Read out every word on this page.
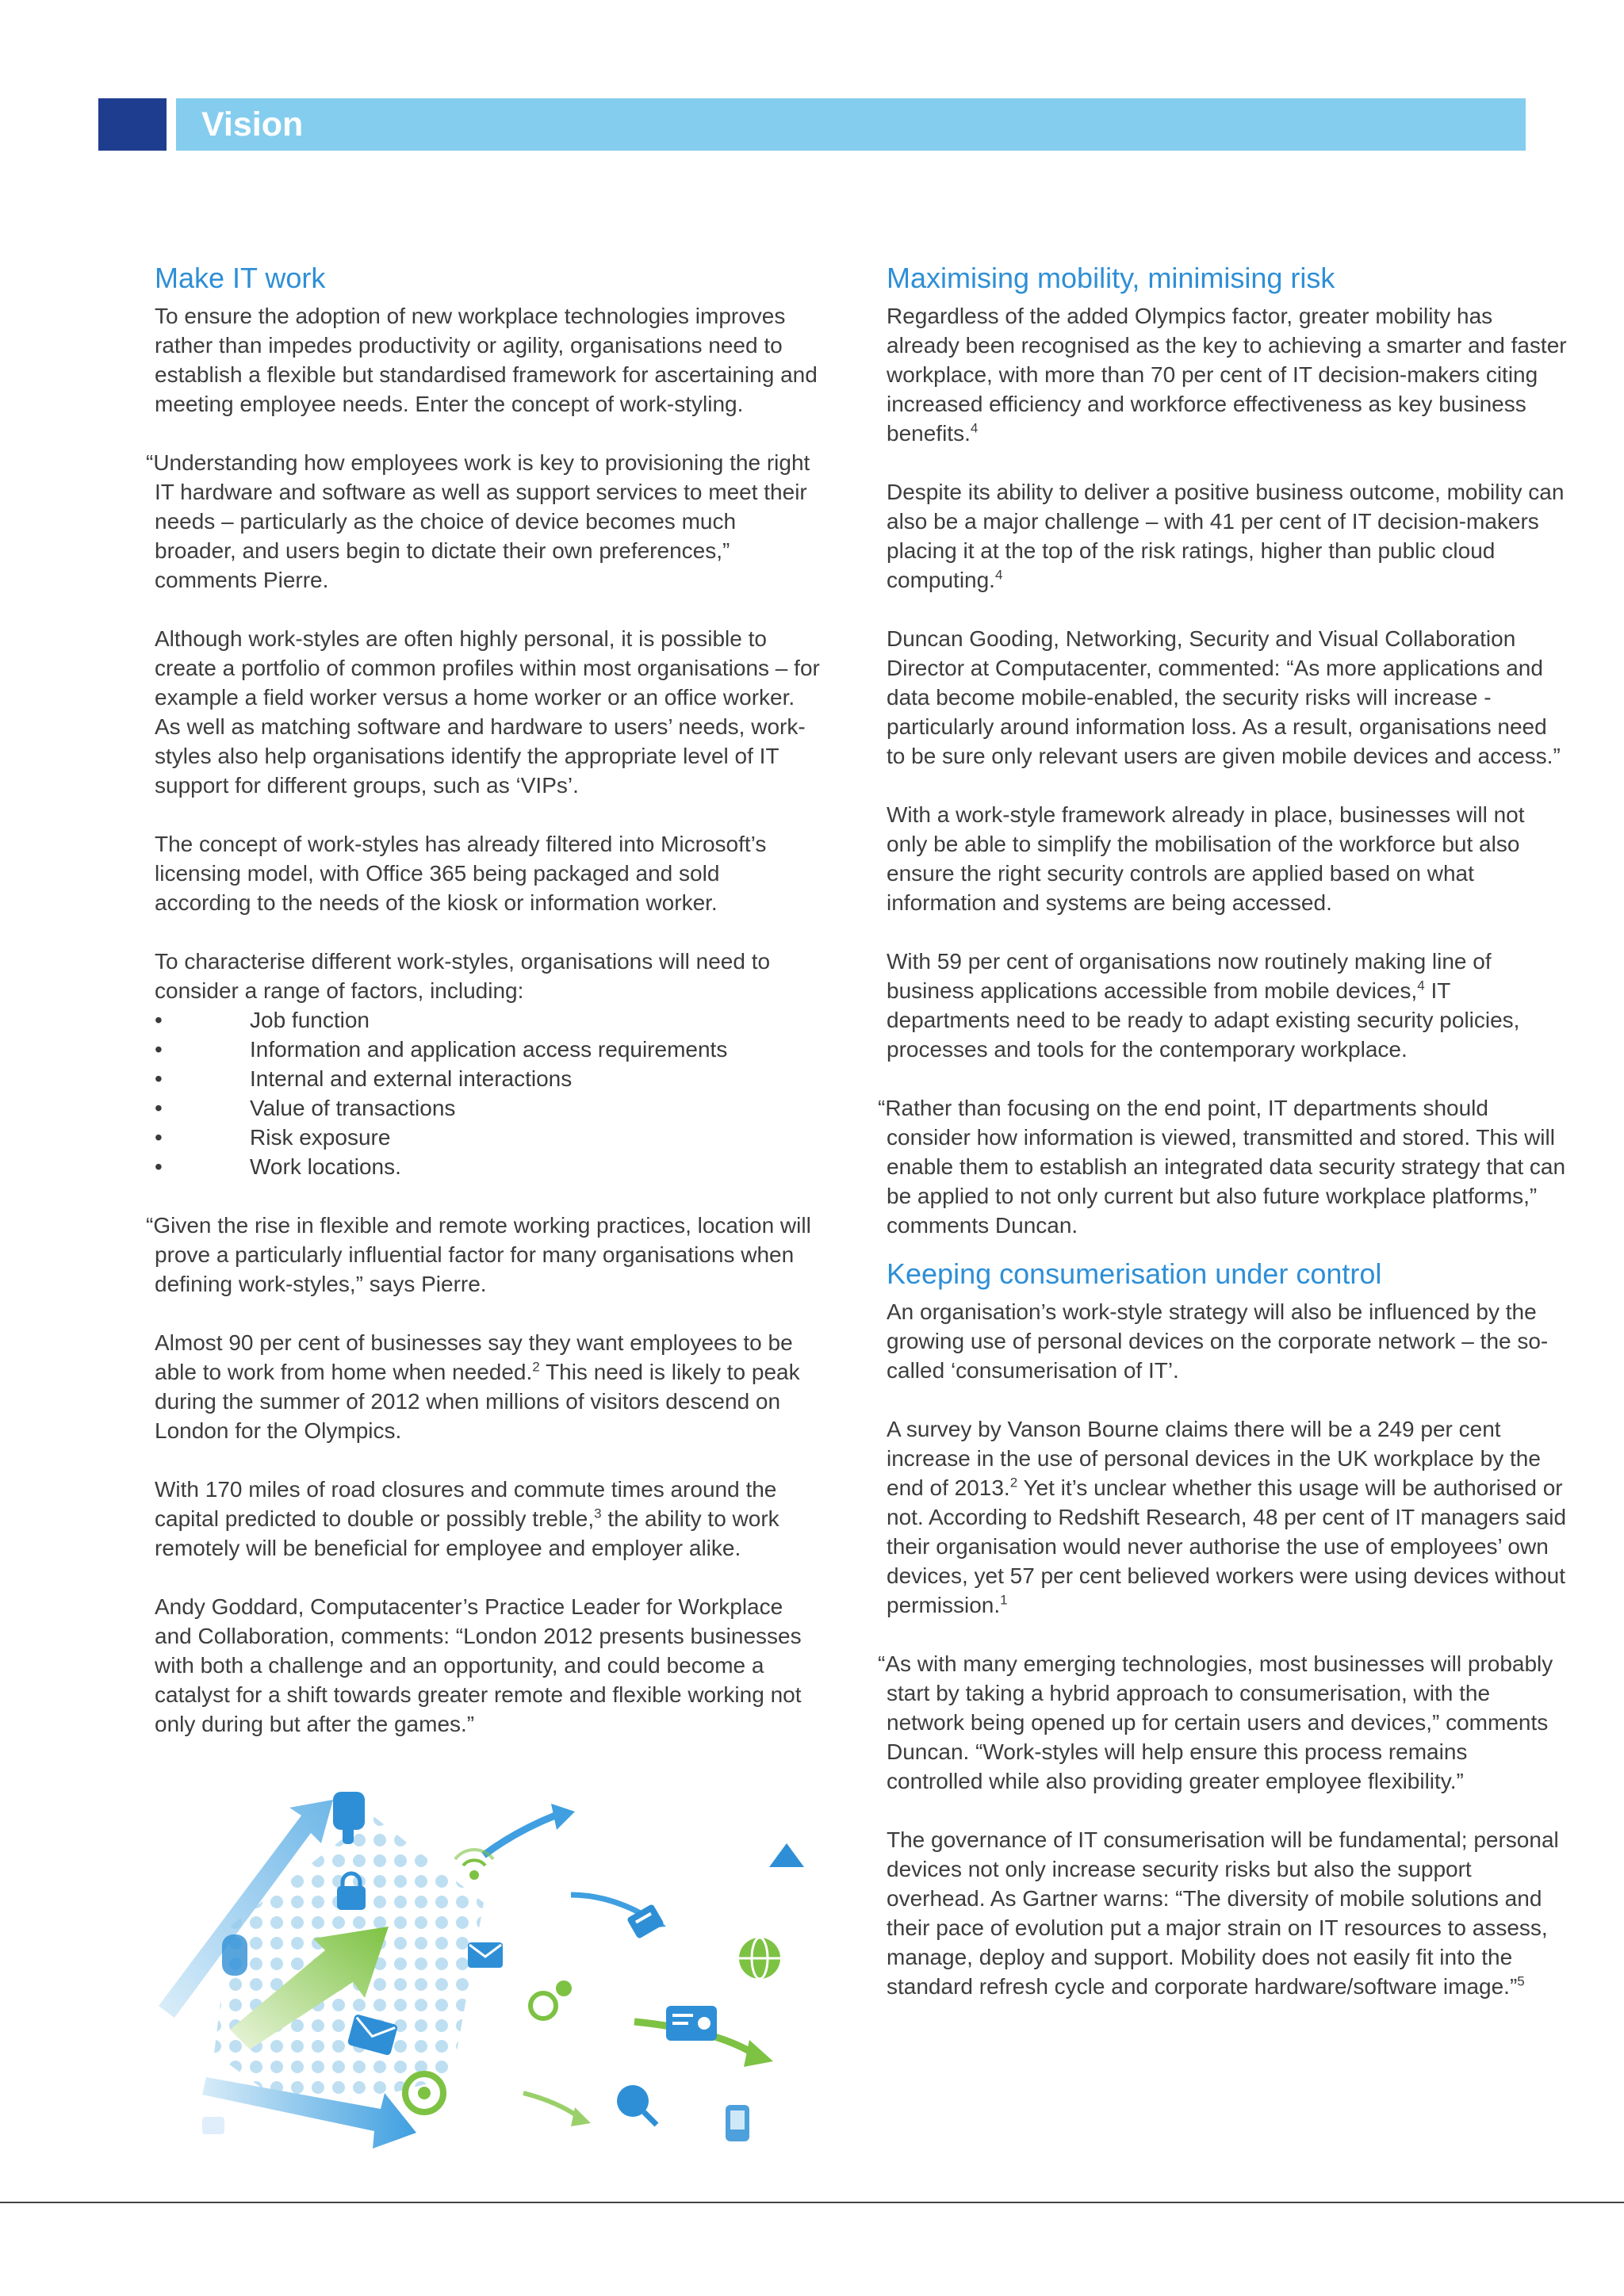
Vision
Make IT work

To ensure the adoption of new workplace technologies improves rather than impedes productivity or agility, organisations need to establish a flexible but standardised framework for ascertaining and meeting employee needs. Enter the concept of work-styling.

“Understanding how employees work is key to provisioning the right IT hardware and software as well as support services to meet their needs – particularly as the choice of device becomes much broader, and users begin to dictate their own preferences,” comments Pierre.

Although work-styles are often highly personal, it is possible to create a portfolio of common profiles within most organisations – for example a field worker versus a home worker or an office worker. As well as matching software and hardware to users’ needs, work-styles also help organisations identify the appropriate level of IT support for different groups, such as ‘VIPs’.

The concept of work-styles has already filtered into Microsoft’s licensing model, with Office 365 being packaged and sold according to the needs of the kiosk or information worker.

To characterise different work-styles, organisations will need to consider a range of factors, including:

•	Job function
•	Information and application access requirements
•	Internal and external interactions
•	Value of transactions
•	Risk exposure
•	Work locations.

“Given the rise in flexible and remote working practices, location will prove a particularly influential factor for many organisations when defining work-styles,” says Pierre.

Almost 90 per cent of businesses say they want employees to be able to work from home when needed.$^2$ This need is likely to peak during the summer of 2012 when millions of visitors descend on London for the Olympics.

With 170 miles of road closures and commute times around the capital predicted to double or possibly treble,$^3$ the ability to work remotely will be beneficial for employee and employer alike.

Andy Goddard, Computacenter’s Practice Leader for Workplace and Collaboration, comments: “London 2012 presents businesses with both a challenge and an opportunity, and could become a catalyst for a shift towards greater remote and flexible working not only during but after the games.”

Maximising mobility, minimising risk

Regardless of the added Olympics factor, greater mobility has already been recognised as the key to achieving a smarter and faster workplace, with more than 70 per cent of IT decision-makers citing increased efficiency and workforce effectiveness as key business benefits.$^4$

Despite its ability to deliver a positive business outcome, mobility can also be a major challenge – with 41 per cent of IT decision-makers placing it at the top of the risk ratings, higher than public cloud computing.$^4$

Duncan Gooding, Networking, Security and Visual Collaboration Director at Computacenter, commented: “As more applications and data become mobile-enabled, the security risks will increase - particularly around information loss. As a result, organisations need to be sure only relevant users are given mobile devices and access.”

With a work-style framework already in place, businesses will not only be able to simplify the mobilisation of the workforce but also ensure the right security controls are applied based on what information and systems are being accessed.

With 59 per cent of organisations now routinely making line of business applications accessible from mobile devices,$^4$ IT departments need to be ready to adapt existing security policies, processes and tools for the contemporary workplace.

“Rather than focusing on the end point, IT departments should consider how information is viewed, transmitted and stored. This will enable them to establish an integrated data security strategy that can be applied to not only current but also future workplace platforms,” comments Duncan.

Keeping consumerisation under control

An organisation’s work-style strategy will also be influenced by the growing use of personal devices on the corporate network – the so-called ‘consumerisation of IT’.

A survey by Vanson Bourne claims there will be a 249 per cent increase in the use of personal devices in the UK workplace by the end of 2013.$^2$ Yet it’s unclear whether this usage will be authorised or not. According to Redshift Research, 48 per cent of IT managers said their organisation would never authorise the use of employees’ own devices, yet 57 per cent believed workers were using devices without permission.$^1$

“As with many emerging technologies, most businesses will probably start by taking a hybrid approach to consumerisation, with the network being opened up for certain users and devices,” comments Duncan. “Work-styles will help ensure this process remains controlled while also providing greater employee flexibility.”

The governance of IT consumerisation will be fundamental; personal devices not only increase security risks but also the support overhead. As Gartner warns: “The diversity of mobile solutions and their pace of evolution put a major strain on IT resources to assess, manage, deploy and support. Mobility does not easily fit into the standard refresh cycle and corporate hardware/software image.”$^5$
